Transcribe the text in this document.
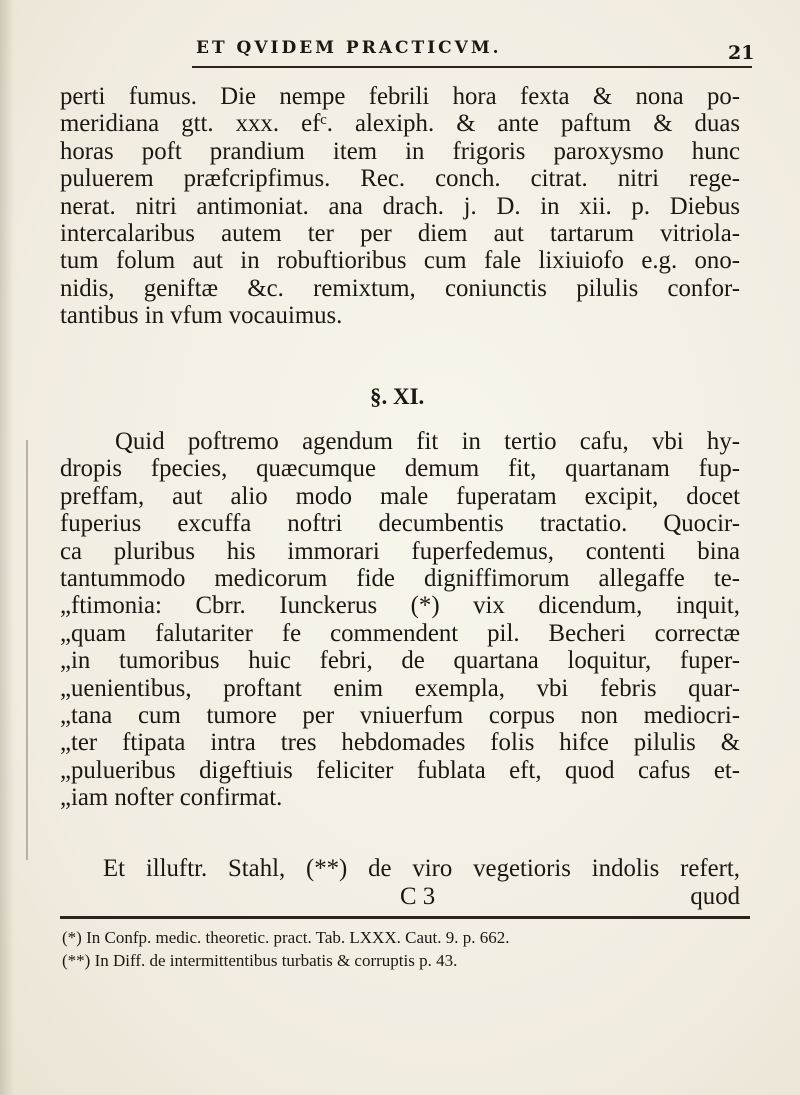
ET QVIDEM PRACTICVM.	21
perti fumus. Die nempe febrili hora fexta & nona po-
meridiana gtt. xxx. efᶜ. alexiph. & ante paftum & duas
horas poft prandium item in frigoris paroxysmo hunc
puluerem præfcripfimus. Rec. conch. citrat. nitri rege-
nerat. nitri antimoniat. ana drach. j. D. in xii. p. Diebus
intercalaribus autem ter per diem aut tartarum vitriola-
tum folum aut in robuftioribus cum fale lixiuiofo e.g. ono-
nidis, geniftæ &c. remixtum, coniunctis pilulis confor-
tantibus in vfum vocauimus.
§. XI.
Quid poftremo agendum fit in tertio cafu, vbi hy-
dropis fpecies, quæcumque demum fit, quartanam fup-
preffam, aut alio modo male fuperatam excipit, docet
fuperius excuffa noftri decumbentis tractatio. Quocir-
ca pluribus his immorari fuperfedemus, contenti bina
tantummodo medicorum fide digniffimorum allegaffe te-
„ftimonia: Cbrr. Iunckerus (*) vix dicendum, inquit,
„quam falutariter fe commendent pil. Becheri correctæ
„in tumoribus huic febri, de quartana loquitur, fuper-
„uenientibus, proftant enim exempla, vbi febris quar-
„tana cum tumore per vniuerfum corpus non mediocri-
„ter ftipata intra tres hebdomades folis hifce pilulis &
„pulueribus digeftiuis feliciter fublata eft, quod cafus et-
„iam nofter confirmat.
Et illuftr. Stahl, (**) de viro vegetioris indolis refert,
C 3	quod
(*) In Confp. medic. theoretic. pract. Tab. LXXX. Caut. 9. p. 662.
(**) In Diff. de intermittentibus turbatis & corruptis p. 43.
